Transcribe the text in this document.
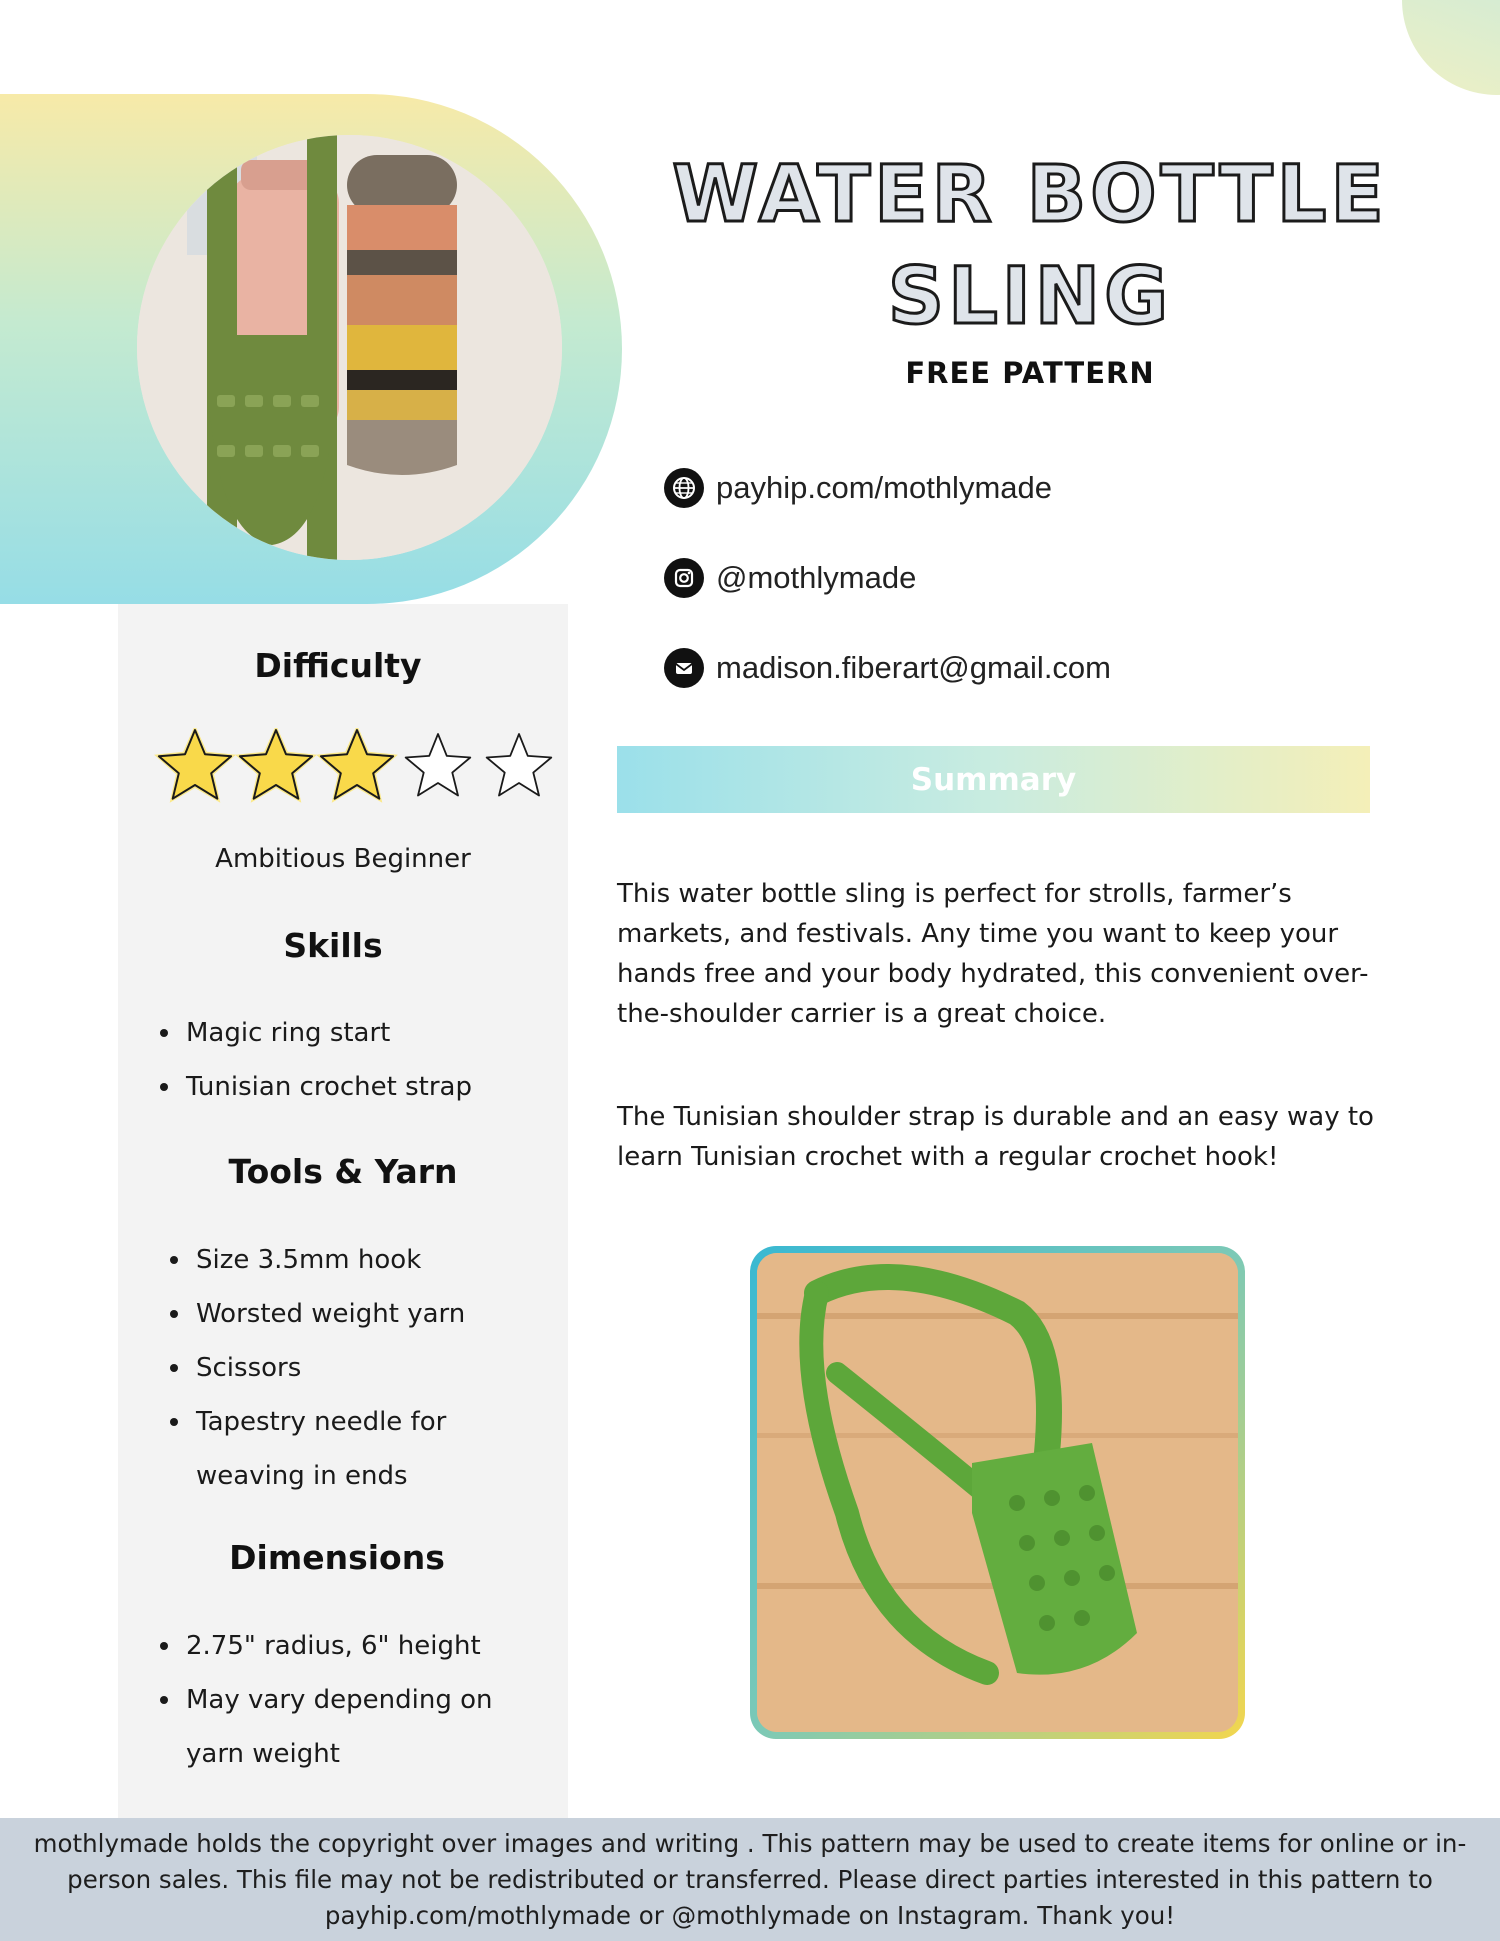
WATER BOTTLE
SLING
FREE PATTERN
payhip.com/mothlymade
@mothlymade
madison.fiberart@gmail.com
Summary

This water bottle sling is perfect for strolls, farmer’s markets, and festivals. Any time you want to keep your hands free and your body hydrated, this convenient over-the-shoulder carrier is a great choice.

The Tunisian shoulder strap is durable and an easy way to learn Tunisian crochet with a regular crochet hook!

Difficulty
Ambitious Beginner
Skills
Magic ring start
Tunisian crochet strap
Tools & Yarn
Size 3.5mm hook
Worsted weight yarn
Scissors
Tapestry needle for weaving in ends
Dimensions
2.75" radius, 6" height
May vary depending on yarn weight

mothlymade holds the copyright over images and writing . This pattern may be used to create items for online or in-person sales. This file may not be redistributed or transferred. Please direct parties interested in this pattern to payhip.com/mothlymade or @mothlymade on Instagram. Thank you!
